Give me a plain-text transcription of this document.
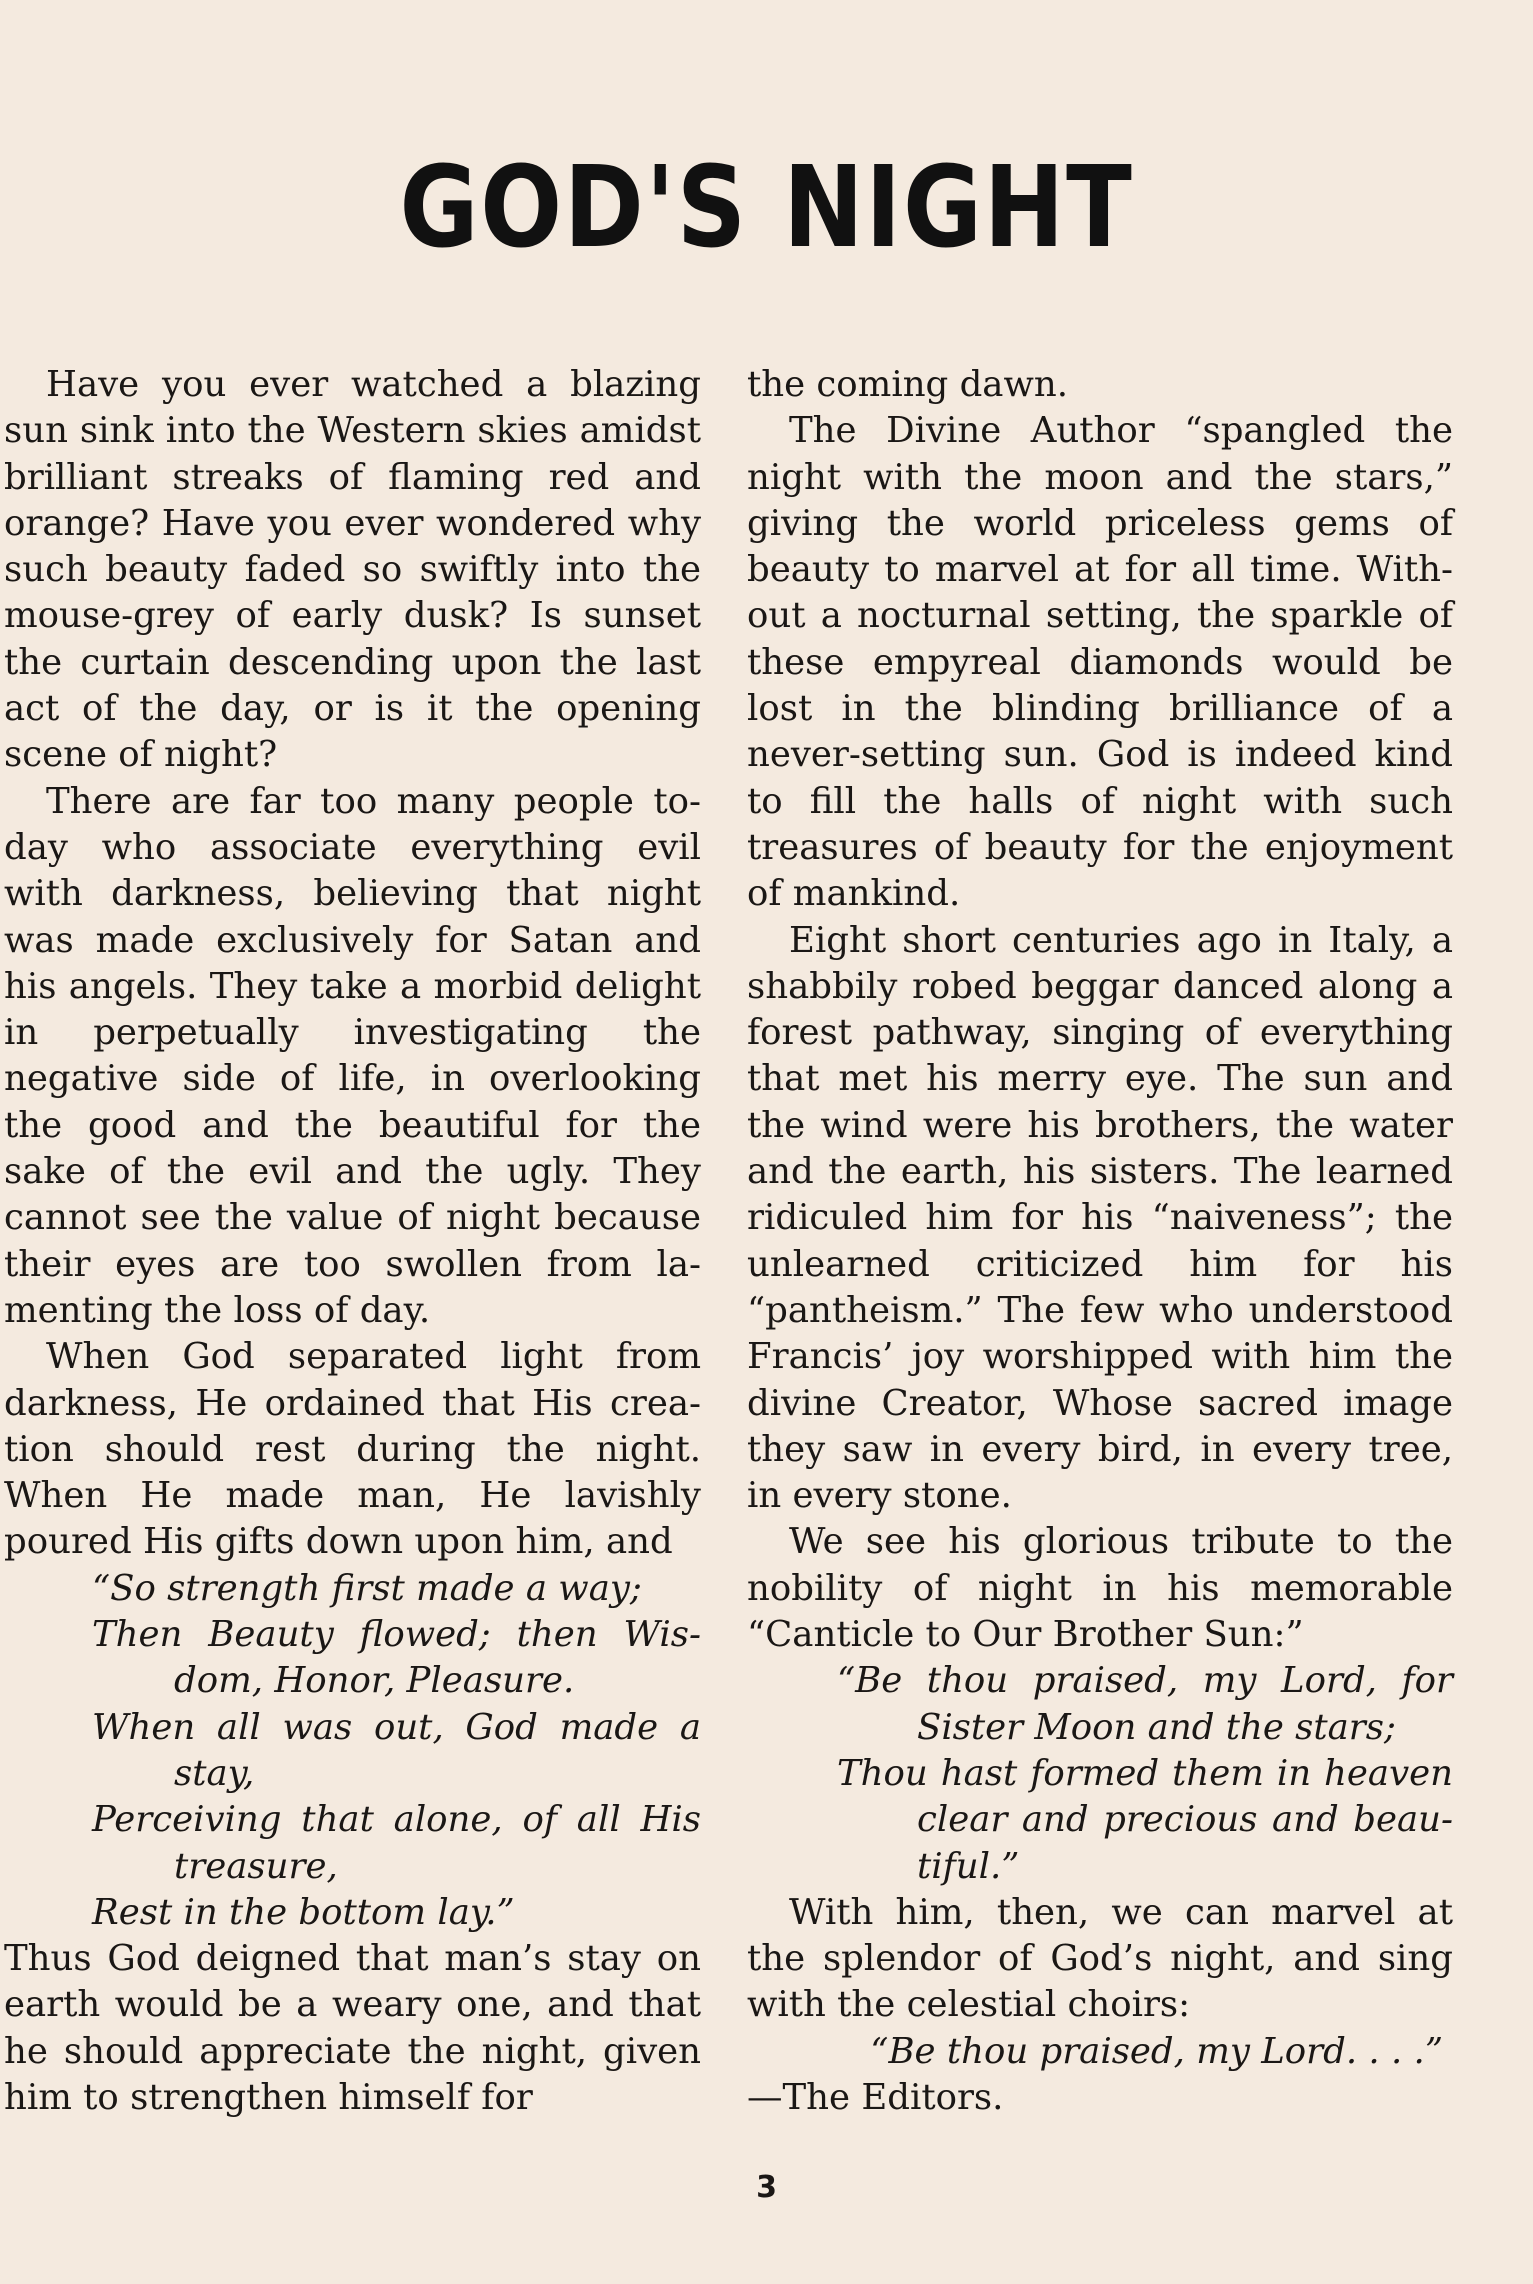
GOD'S NIGHT

Have you ever watched a blazing sun sink into the Western skies amidst brilliant streaks of flaming red and orange? Have you ever wondered why such beauty faded so swiftly into the mouse-grey of early dusk? Is sunset the curtain descending upon the last act of the day, or is it the opening scene of night?

There are far too many people today who associate everything evil with darkness, believing that night was made exclusively for Satan and his angels. They take a morbid delight in perpetually investigating the negative side of life, in overlooking the good and the beautiful for the sake of the evil and the ugly. They cannot see the value of night because their eyes are too swollen from lamenting the loss of day.

When God separated light from darkness, He ordained that His creation should rest during the night. When He made man, He lavishly poured His gifts down upon him, and

“So strength first made a way;

Then Beauty flowed; then Wisdom, Honor, Pleasure.

When all was out, God made a stay,

Perceiving that alone, of all His treasure,

Rest in the bottom lay.”

Thus God deigned that man’s stay on earth would be a weary one, and that he should appreciate the night, given him to strengthen himself for

the coming dawn.

The Divine Author “spangled the night with the moon and the stars,” giving the world priceless gems of beauty to marvel at for all time. Without a nocturnal setting, the sparkle of these empyreal diamonds would be lost in the blinding brilliance of a never-setting sun. God is indeed kind to fill the halls of night with such treasures of beauty for the enjoyment of mankind.

Eight short centuries ago in Italy, a shabbily robed beggar danced along a forest pathway, singing of everything that met his merry eye. The sun and the wind were his brothers, the water and the earth, his sisters. The learned ridiculed him for his “naiveness”; the unlearned criticized him for his “pantheism.” The few who understood Francis’ joy worshipped with him the divine Creator, Whose sacred image they saw in every bird, in every tree, in every stone.

We see his glorious tribute to the nobility of night in his memorable “Canticle to Our Brother Sun:”

“Be thou praised, my Lord, for Sister Moon and the stars;

Thou hast formed them in heaven clear and precious and beautiful.”

With him, then, we can marvel at the splendor of God’s night, and sing with the celestial choirs:

“Be thou praised, my Lord. . . .”

—The Editors.

3
